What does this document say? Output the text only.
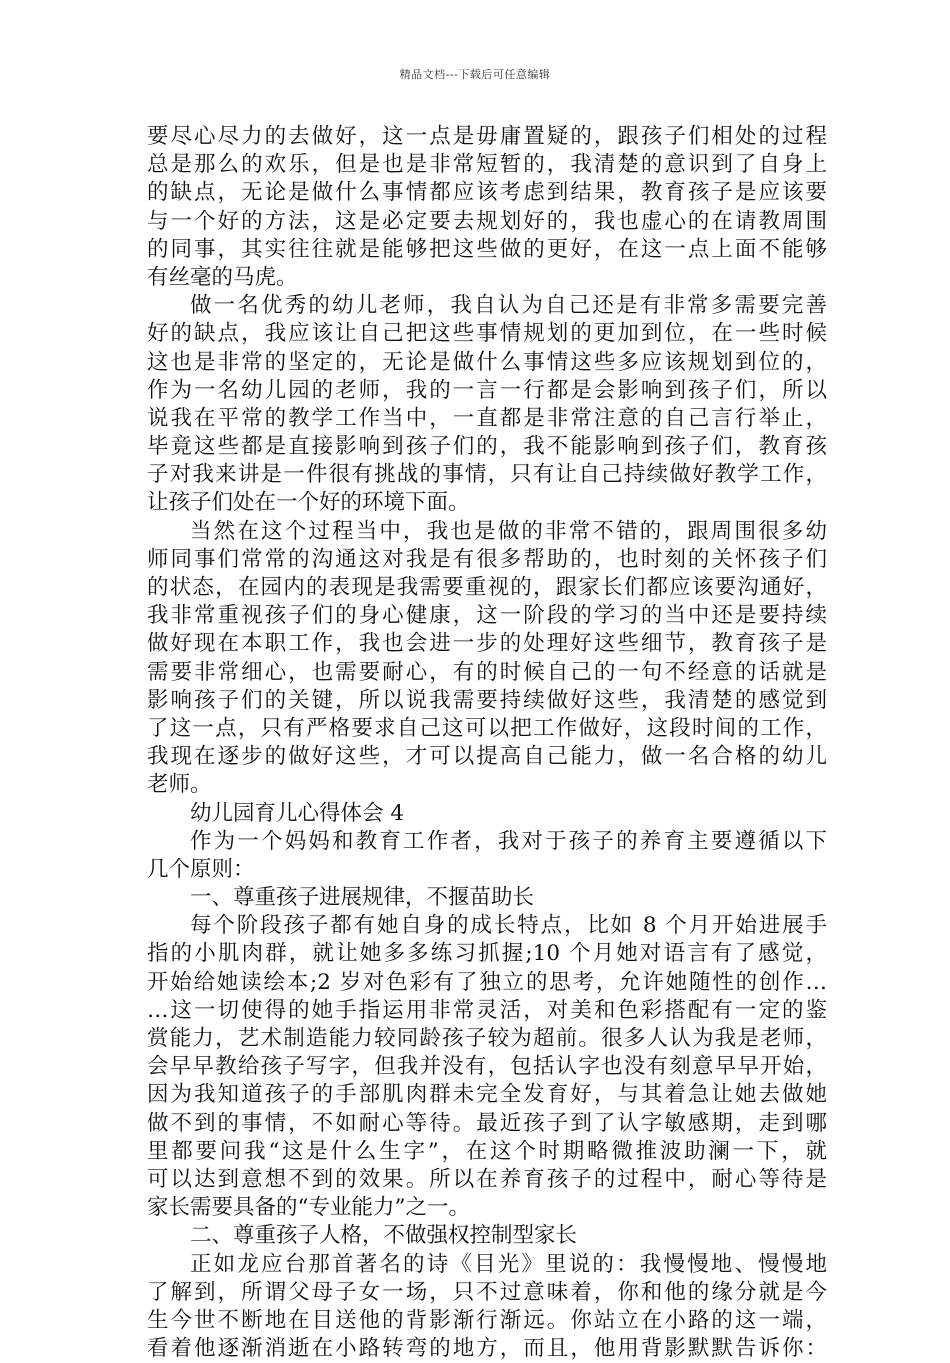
精品文档---下载后可任意编辑
要尽心尽力的去做好，这一点是毋庸置疑的，跟孩子们相处的过程
总是那么的欢乐，但是也是非常短暂的，我清楚的意识到了自身上
的缺点，无论是做什么事情都应该考虑到结果，教育孩子是应该要
与一个好的方法，这是必定要去规划好的，我也虚心的在请教周围
的同事，其实往往就是能够把这些做的更好，在这一点上面不能够
有丝毫的马虎。
做一名优秀的幼儿老师，我自认为自己还是有非常多需要完善
好的缺点，我应该让自己把这些事情规划的更加到位，在一些时候
这也是非常的坚定的，无论是做什么事情这些多应该规划到位的，
作为一名幼儿园的老师，我的一言一行都是会影响到孩子们，所以
说我在平常的教学工作当中，一直都是非常注意的自己言行举止，
毕竟这些都是直接影响到孩子们的，我不能影响到孩子们，教育孩
子对我来讲是一件很有挑战的事情，只有让自己持续做好教学工作，
让孩子们处在一个好的环境下面。
当然在这个过程当中，我也是做的非常不错的，跟周围很多幼
师同事们常常的沟通这对我是有很多帮助的，也时刻的关怀孩子们
的状态，在园内的表现是我需要重视的，跟家长们都应该要沟通好，
我非常重视孩子们的身心健康，这一阶段的学习的当中还是要持续
做好现在本职工作，我也会进一步的处理好这些细节，教育孩子是
需要非常细心，也需要耐心，有的时候自己的一句不经意的话就是
影响孩子们的关键，所以说我需要持续做好这些，我清楚的感觉到
了这一点，只有严格要求自己这可以把工作做好，这段时间的工作，
我现在逐步的做好这些，才可以提高自己能力，做一名合格的幼儿
老师。
幼儿园育儿心得体会 4
作为一个妈妈和教育工作者，我对于孩子的养育主要遵循以下
几个原则：
一、尊重孩子进展规律，不揠苗助长
每个阶段孩子都有她自身的成长特点，比如 8 个月开始进展手
指的小肌肉群，就让她多多练习抓握;10 个月她对语言有了感觉，
开始给她读绘本;2 岁对色彩有了独立的思考，允许她随性的创作…
…这一切使得的她手指运用非常灵活，对美和色彩搭配有一定的鉴
赏能力，艺术制造能力较同龄孩子较为超前。很多人认为我是老师，
会早早教给孩子写字，但我并没有，包括认字也没有刻意早早开始，
因为我知道孩子的手部肌肉群未完全发育好，与其着急让她去做她
做不到的事情，不如耐心等待。最近孩子到了认字敏感期，走到哪
里都要问我“这是什么生字”，在这个时期略微推波助澜一下，就
可以达到意想不到的效果。所以在养育孩子的过程中，耐心等待是
家长需要具备的“专业能力”之一。
二、尊重孩子人格，不做强权控制型家长
正如龙应台那首著名的诗《目光》里说的：我慢慢地、慢慢地
了解到，所谓父母子女一场，只不过意味着，你和他的缘分就是今
生今世不断地在目送他的背影渐行渐远。你站立在小路的这一端，
看着他逐渐消逝在小路转弯的地方，而且，他用背影默默告诉你：
